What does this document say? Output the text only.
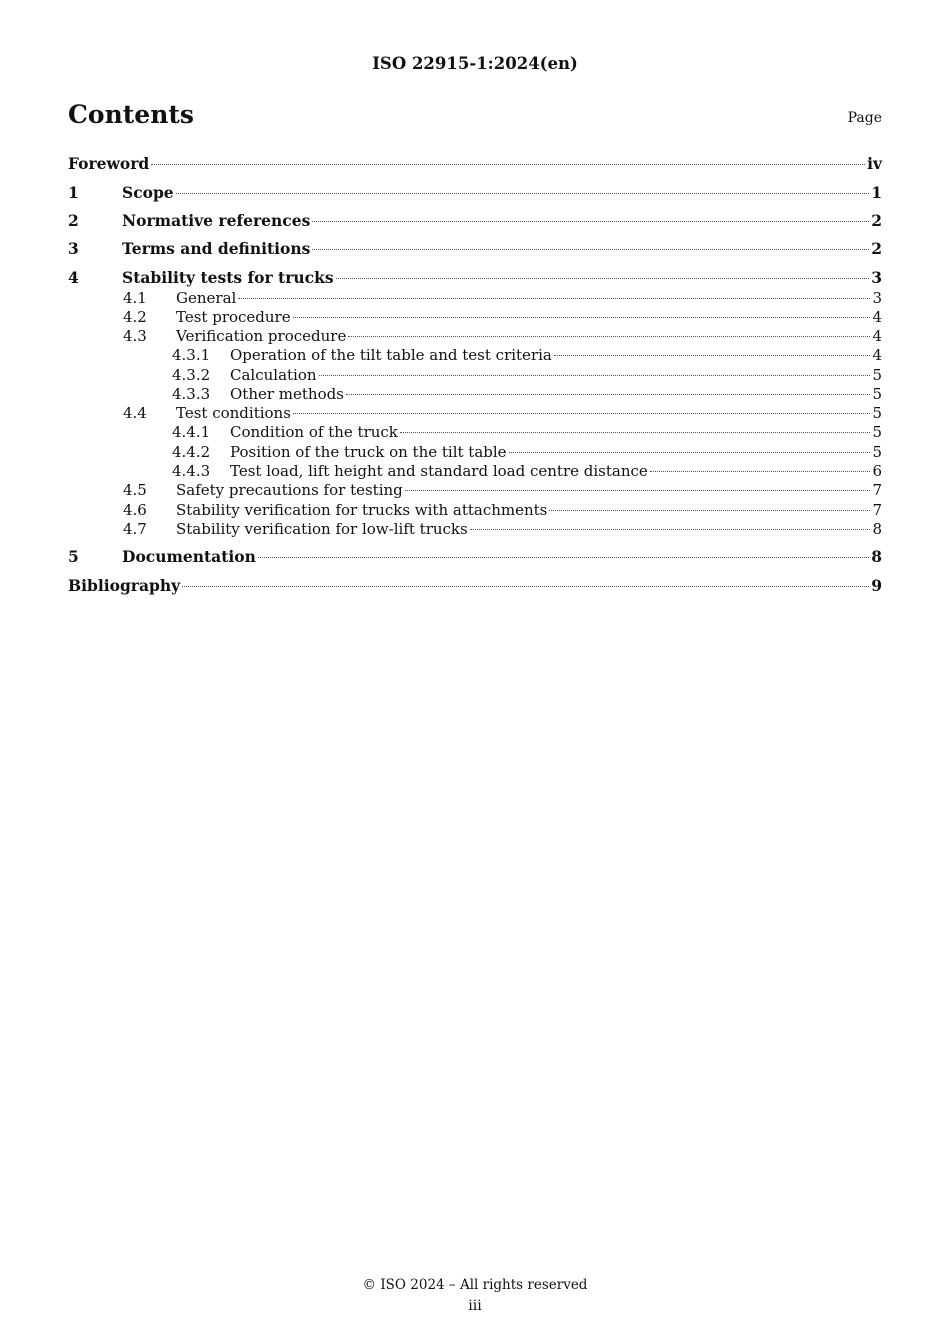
ISO 22915-1:2024(en)
Contents	Page
Foreword	iv
1	Scope	1
2	Normative references	2
3	Terms and definitions	2
4	Stability tests for trucks	3
4.1	General	3
4.2	Test procedure	4
4.3	Verification procedure	4
4.3.1	Operation of the tilt table and test criteria	4
4.3.2	Calculation	5
4.3.3	Other methods	5
4.4	Test conditions	5
4.4.1	Condition of the truck	5
4.4.2	Position of the truck on the tilt table	5
4.4.3	Test load, lift height and standard load centre distance	6
4.5	Safety precautions for testing	7
4.6	Stability verification for trucks with attachments	7
4.7	Stability verification for low-lift trucks	8
5	Documentation	8
Bibliography	9
© ISO 2024 – All rights reserved
iii
